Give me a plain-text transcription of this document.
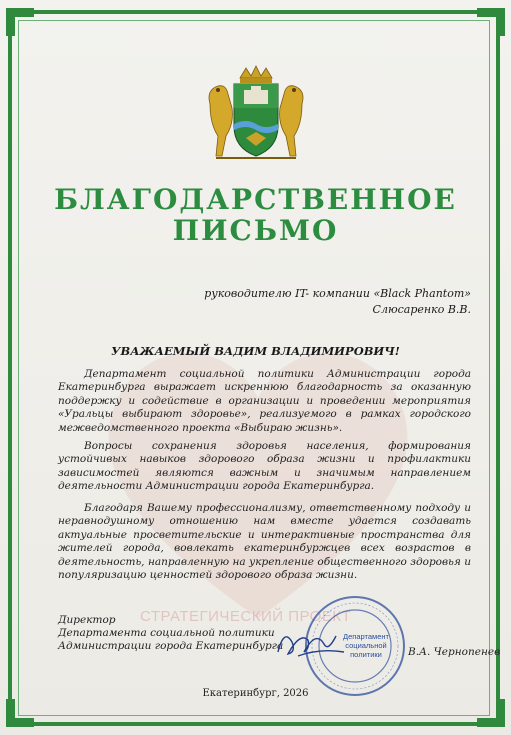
СТРАТЕГИЧЕСКИЙ ПРОЕКТ
БЛАГОДАРСТВЕННОЕ
ПИСЬМО
руководителю IT- компании «Black Phantom»
Слюсаренко В.В.
УВАЖАЕМЫЙ ВАДИМ ВЛАДИМИРОВИЧ!

Департамент социальной политики Администрации города Екатеринбурга выражает искреннюю благодарность за оказанную поддержку и содействие в организации и проведении мероприятия «Уральцы выбирают здоровье», реализуемого в рамках городского межведомственного проекта «Выбираю жизнь».

Вопросы сохранения здоровья населения, формирования устойчивых навыков здорового образа жизни и профилактики зависимостей являются важным и значимым направлением деятельности Администрации города Екатеринбурга.

Благодаря Вашему профессионализму, ответственному подходу и неравнодушному отношению нам вместе удается создавать актуальные просветительские и интерактивные пространства для жителей города, вовлекать екатеринбуржцев всех возрастов в деятельность, направленную на укрепление общественного здоровья и популяризацию ценностей здорового образа жизни.

Директор
Департамента социальной политики
Администрации города Екатеринбурга
Департамент социальной политики	В.А. Чернопенев
Екатеринбург, 2026
